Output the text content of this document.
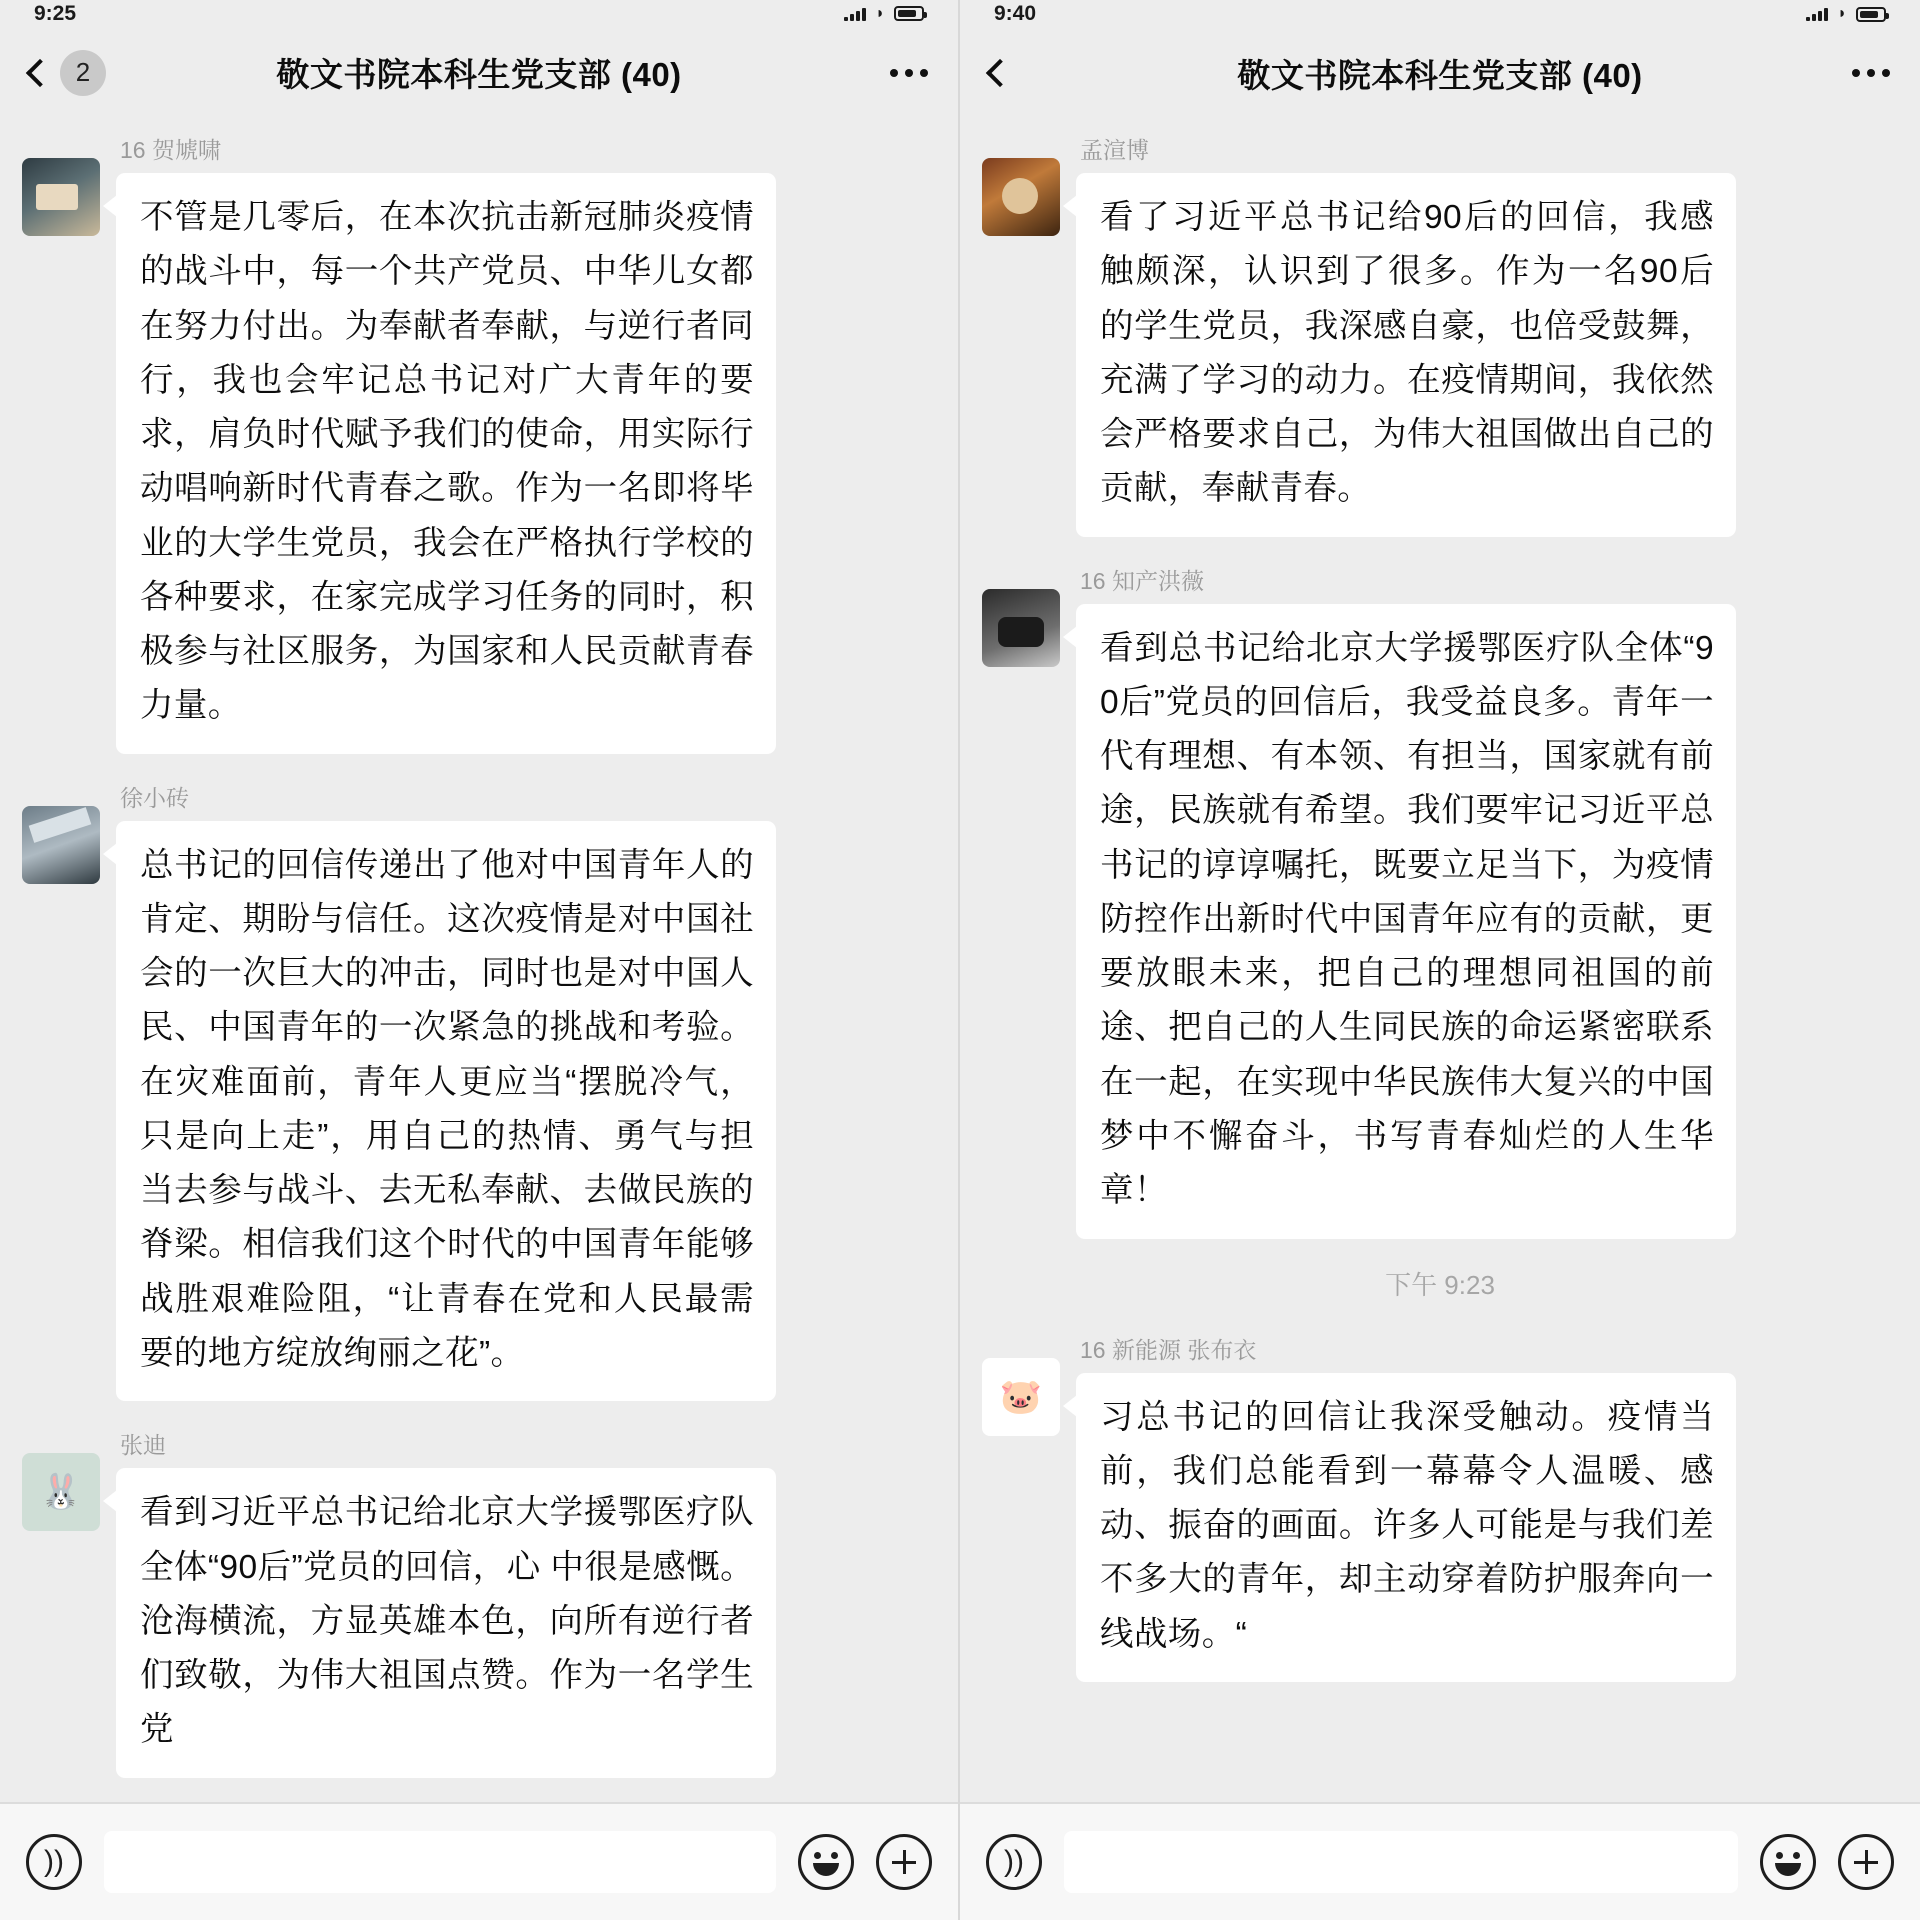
9:25	◗
2	敬文书院本科生党支部 (40)
16 贺虓啸
不管是几零后，在本次抗击新冠肺炎疫情的战斗中，每一个共产党员、中华儿女都在努力付出。为奉献者奉献，与逆行者同行，我也会牢记总书记对广大青年的要求，肩负时代赋予我们的使命，用实际行动唱响新时代青春之歌。作为一名即将毕业的大学生党员，我会在严格执行学校的各种要求，在家完成学习任务的同时，积极参与社区服务，为国家和人民贡献青春力量。
徐小砖
总书记的回信传递出了他对中国青年人的肯定、期盼与信任。这次疫情是对中国社会的一次巨大的冲击，同时也是对中国人民、中国青年的一次紧急的挑战和考验。在灾难面前，青年人更应当“摆脱冷气，只是向上走”，用自己的热情、勇气与担当去参与战斗、去无私奉献、去做民族的脊梁。相信我们这个时代的中国青年能够战胜艰难险阻，“让青春在党和人民最需要的地方绽放绚丽之花”。
🐰
张迪
看到习近平总书记给北京大学援鄂医疗队全体“90后”党员的回信，心 中很是感慨。沧海横流，方显英雄本色，向所有逆行者们致敬，为伟大祖国点赞。作为一名学生党
))
9:40	◗
敬文书院本科生党支部 (40)
孟渲博
看了习近平总书记给90后的回信，我感触颇深，认识到了很多。作为一名90后的学生党员，我深感自豪，也倍受鼓舞，充满了学习的动力。在疫情期间，我依然会严格要求自己，为伟大祖国做出自己的贡献，奉献青春。
16 知产洪薇
看到总书记给北京大学援鄂医疗队全体“90后”党员的回信后，我受益良多。青年一代有理想、有本领、有担当，国家就有前途，民族就有希望。我们要牢记习近平总书记的谆谆嘱托，既要立足当下，为疫情防控作出新时代中国青年应有的贡献，更要放眼未来，把自己的理想同祖国的前途、把自己的人生同民族的命运紧密联系在一起，在实现中华民族伟大复兴的中国梦中不懈奋斗，书写青春灿烂的人生华章！
下午 9:23
🐷
16 新能源 张布衣
习总书记的回信让我深受触动。疫情当前，我们总能看到一幕幕令人温暖、感动、振奋的画面。许多人可能是与我们差不多大的青年，却主动穿着防护服奔向一线战场。“
))
